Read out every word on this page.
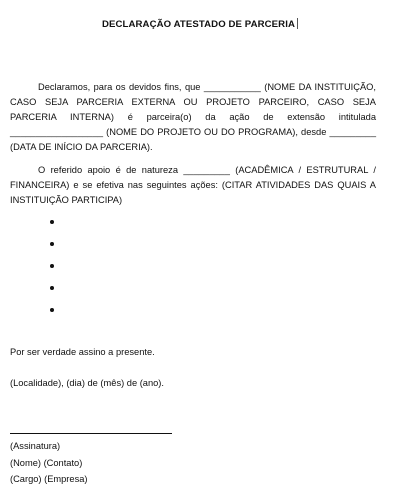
DECLARAÇÃO ATESTADO DE PARCERIA
Declaramos, para os devidos fins, que ___________ (NOME DA INSTITUIÇÃO, CASO SEJA PARCERIA EXTERNA OU PROJETO PARCEIRO, CASO SEJA PARCERIA INTERNA) é parceira(o) da ação de extensão intitulada __________________ (NOME DO PROJETO OU DO PROGRAMA), desde _________ (DATA DE INÍCIO DA PARCERIA).
O referido apoio é de natureza _________ (ACADÊMICA / ESTRUTURAL / FINANCEIRA) e se efetiva nas seguintes ações: (CITAR ATIVIDADES DAS QUAIS A INSTITUIÇÃO PARTICIPA)
Por ser verdade assino a presente.
(Localidade), (dia) de (mês) de (ano).
(Assinatura)
(Nome) (Contato)
(Cargo) (Empresa)
